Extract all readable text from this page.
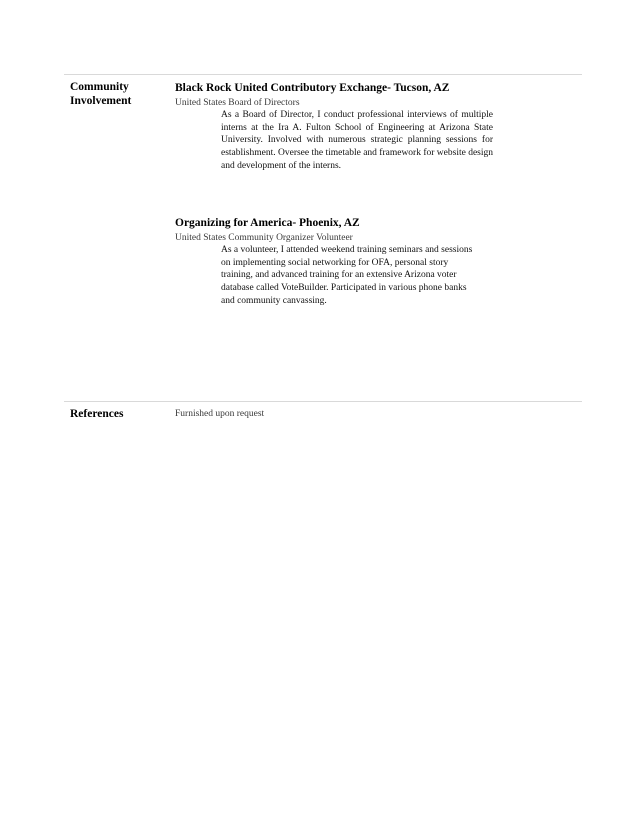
Community
Involvement
Black Rock United Contributory Exchange- Tucson, AZ
United States Board of Directors
As a Board of Director, I conduct professional interviews of multiple interns at the Ira A. Fulton School of Engineering at Arizona State University. Involved with numerous strategic planning sessions for establishment. Oversee the timetable and framework for website design and development of the interns.
Organizing for America- Phoenix, AZ
United States Community Organizer Volunteer
As a volunteer, I attended weekend training seminars and sessions on implementing social networking for OFA, personal story training, and advanced training for an extensive Arizona voter database called VoteBuilder. Participated in various phone banks and community canvassing.
References	Furnished upon request
